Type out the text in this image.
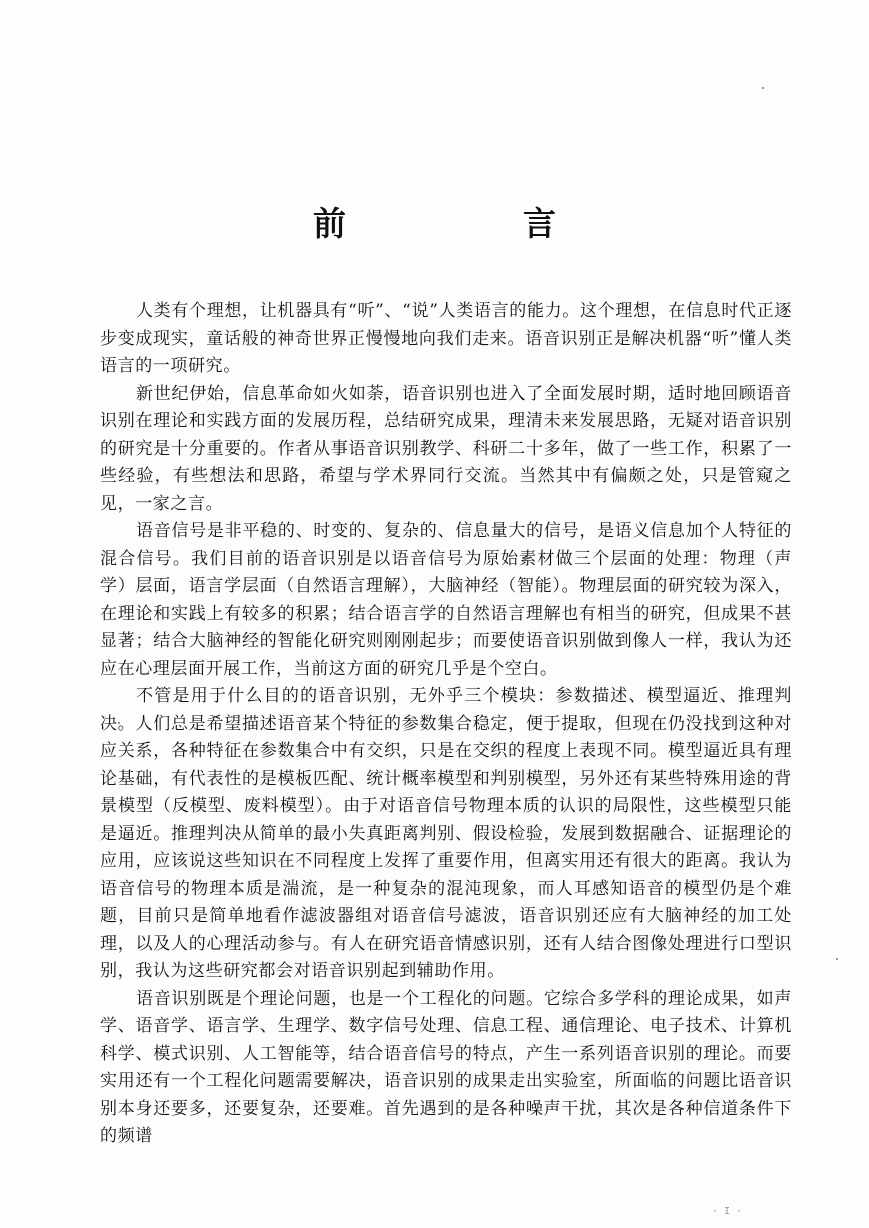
前　言

人类有个理想，让机器具有“听”、“说”人类语言的能力。这个理想，在信息时代正逐步变成现实，童话般的神奇世界正慢慢地向我们走来。语音识别正是解决机器“听”懂人类语言的一项研究。

新世纪伊始，信息革命如火如荼，语音识别也进入了全面发展时期，适时地回顾语音识别在理论和实践方面的发展历程，总结研究成果，理清未来发展思路，无疑对语音识别的研究是十分重要的。作者从事语音识别教学、科研二十多年，做了一些工作，积累了一些经验，有些想法和思路，希望与学术界同行交流。当然其中有偏颇之处，只是管窥之见，一家之言。

语音信号是非平稳的、时变的、复杂的、信息量大的信号，是语义信息加个人特征的混合信号。我们目前的语音识别是以语音信号为原始素材做三个层面的处理：物理（声学）层面，语言学层面（自然语言理解），大脑神经（智能）。物理层面的研究较为深入，在理论和实践上有较多的积累；结合语言学的自然语言理解也有相当的研究，但成果不甚显著；结合大脑神经的智能化研究则刚刚起步；而要使语音识别做到像人一样，我认为还应在心理层面开展工作，当前这方面的研究几乎是个空白。

不管是用于什么目的的语音识别，无外乎三个模块：参数描述、模型逼近、推理判决。人们总是希望描述语音某个特征的参数集合稳定，便于提取，但现在仍没找到这种对应关系，各种特征在参数集合中有交织，只是在交织的程度上表现不同。模型逼近具有理论基础，有代表性的是模板匹配、统计概率模型和判别模型，另外还有某些特殊用途的背景模型（反模型、废料模型）。由于对语音信号物理本质的认识的局限性，这些模型只能是逼近。推理判决从简单的最小失真距离判别、假设检验，发展到数据融合、证据理论的应用，应该说这些知识在不同程度上发挥了重要作用，但离实用还有很大的距离。我认为语音信号的物理本质是湍流，是一种复杂的混沌现象，而人耳感知语音的模型仍是个难题，目前只是简单地看作滤波器组对语音信号滤波，语音识别还应有大脑神经的加工处理，以及人的心理活动参与。有人在研究语音情感识别，还有人结合图像处理进行口型识别，我认为这些研究都会对语音识别起到辅助作用。

语音识别既是个理论问题，也是一个工程化的问题。它综合多学科的理论成果，如声学、语音学、语言学、生理学、数字信号处理、信息工程、通信理论、电子技术、计算机科学、模式识别、人工智能等，结合语音信号的特点，产生一系列语音识别的理论。而要实用还有一个工程化问题需要解决，语音识别的成果走出实验室，所面临的问题比语音识别本身还要多，还要复杂，还要难。首先遇到的是各种噪声干扰，其次是各种信道条件下的频谱

· I ·
